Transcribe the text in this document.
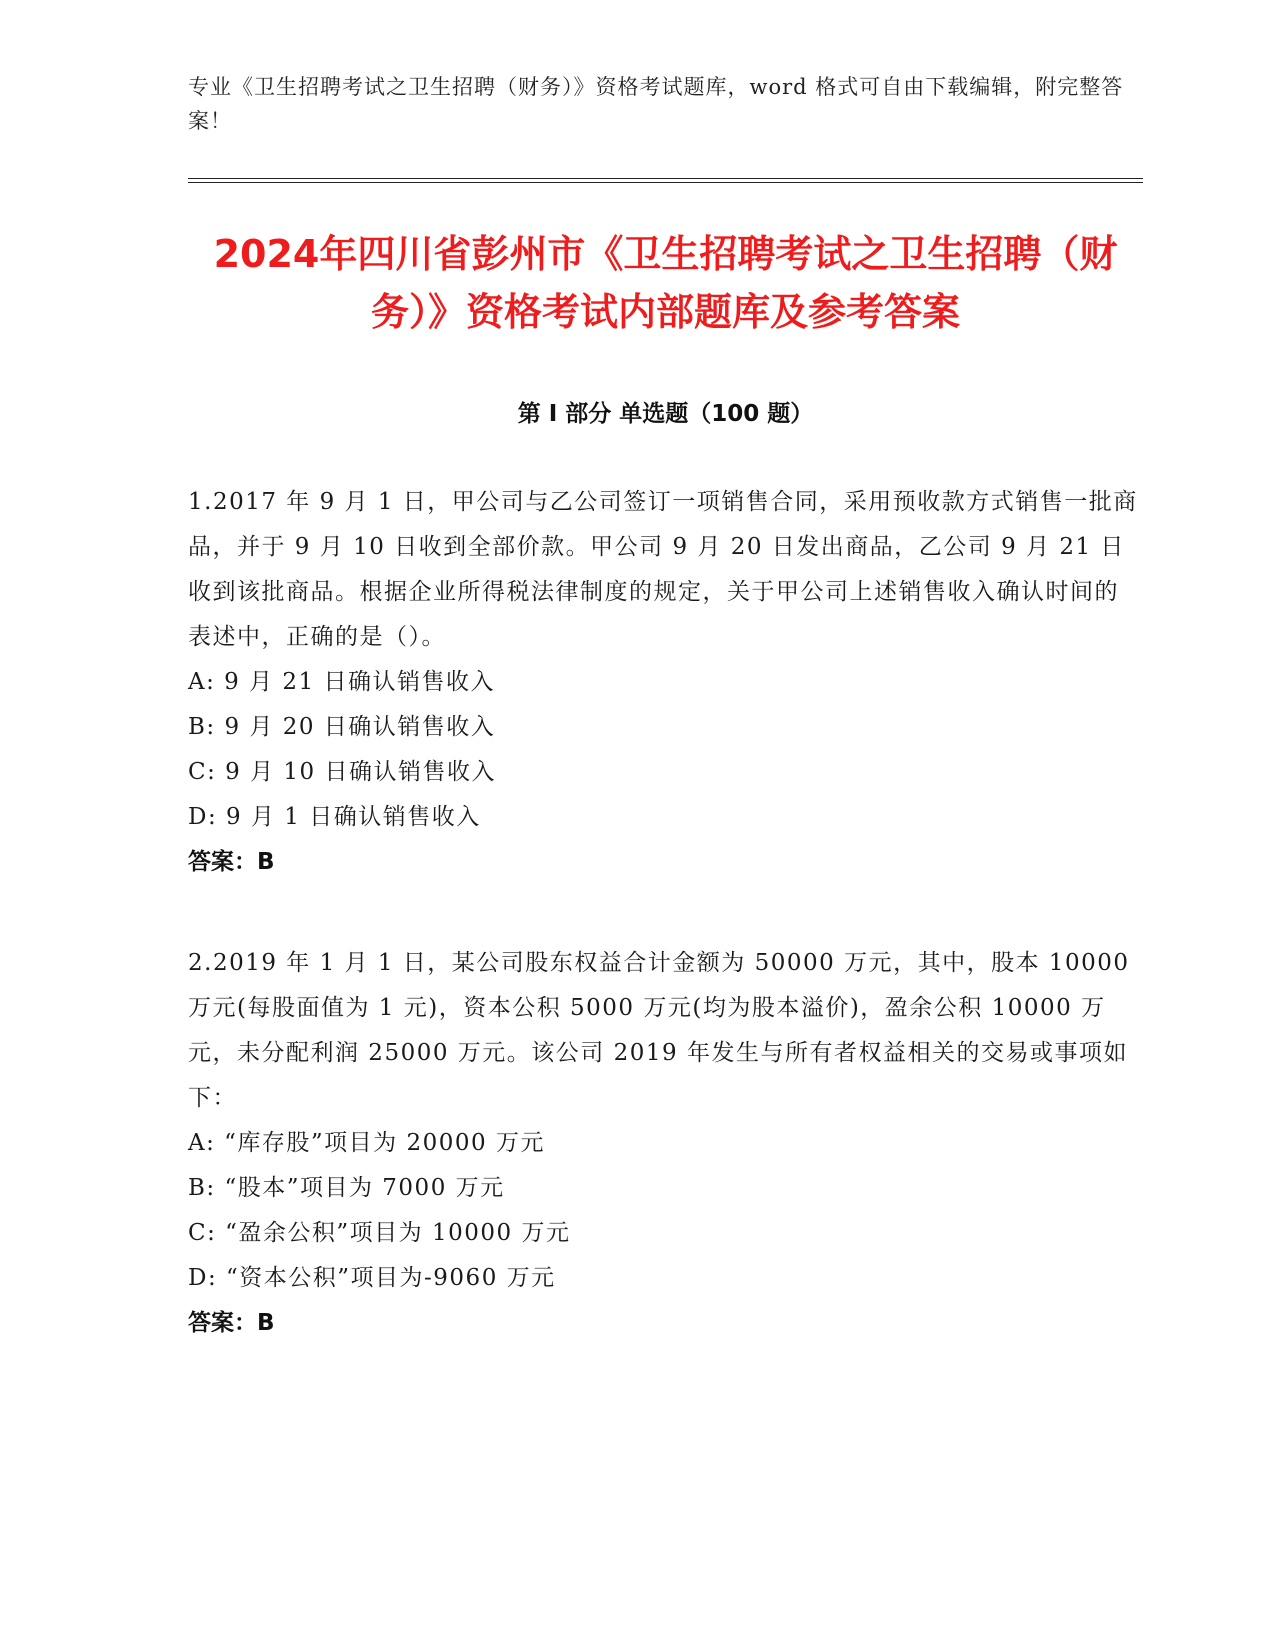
专业《卫生招聘考试之卫生招聘（财务）》资格考试题库，word 格式可自由下载编辑，附完整答案！

2024年四川省彭州市《卫生招聘考试之卫生招聘（财务）》资格考试内部题库及参考答案
第 I 部分 单选题（100 题）

1.2017 年 9 月 1 日，甲公司与乙公司签订一项销售合同，采用预收款方式销售一批商品，并于 9 月 10 日收到全部价款。甲公司 9 月 20 日发出商品，乙公司 9 月 21 日收到该批商品。根据企业所得税法律制度的规定，关于甲公司上述销售收入确认时间的表述中，正确的是（）。

A: 9 月 21 日确认销售收入

B: 9 月 20 日确认销售收入

C: 9 月 10 日确认销售收入

D: 9 月 1 日确认销售收入

答案：B

2.2019 年 1 月 1 日，某公司股东权益合计金额为 50000 万元，其中，股本 10000 万元(每股面值为 1 元)，资本公积 5000 万元(均为股本溢价)，盈余公积 10000 万元，未分配利润 25000 万元。该公司 2019 年发生与所有者权益相关的交易或事项如下：

A: “库存股”项目为 20000 万元

B: “股本”项目为 7000 万元

C: “盈余公积”项目为 10000 万元

D: “资本公积”项目为-9060 万元

答案：B
